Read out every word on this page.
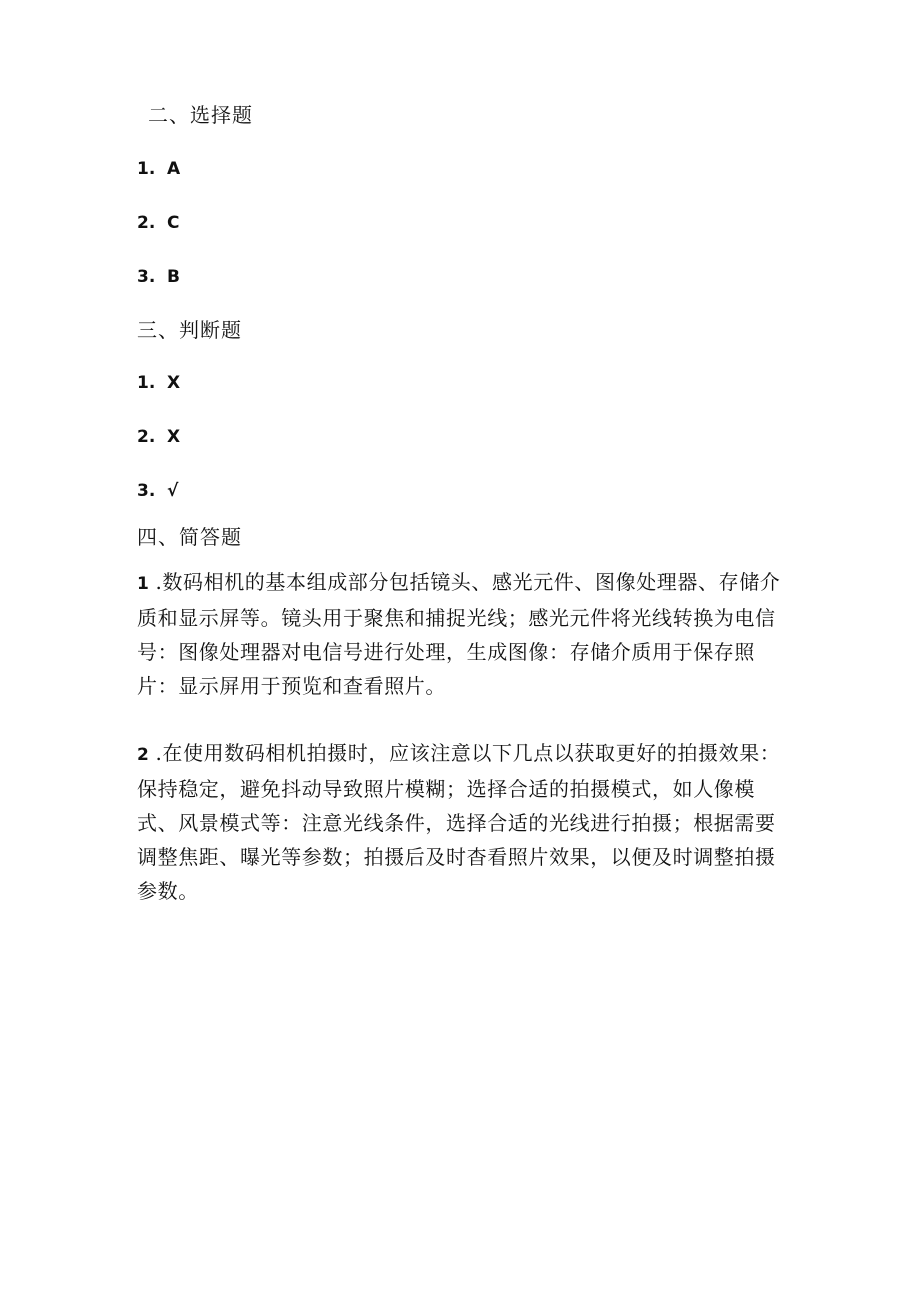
二、选择题
1. A
2. C
3. B
三、判断题
1. X
2. X
3. √
四、简答题
1 .数码相机的基本组成部分包括镜头、感光元件、图像处理器、存储介质和显示屏等。镜头用于聚焦和捕捉光线；感光元件将光线转换为电信号：图像处理器对电信号进行处理，生成图像：存储介质用于保存照片：显示屏用于预览和查看照片。
2 .在使用数码相机拍摄时，应该注意以下几点以获取更好的拍摄效果：保持稳定，避免抖动导致照片模糊；选择合适的拍摄模式，如人像模式、风景模式等：注意光线条件，选择合适的光线进行拍摄；根据需要调整焦距、曝光等参数；拍摄后及时杳看照片效果，以便及时调整拍摄参数。
